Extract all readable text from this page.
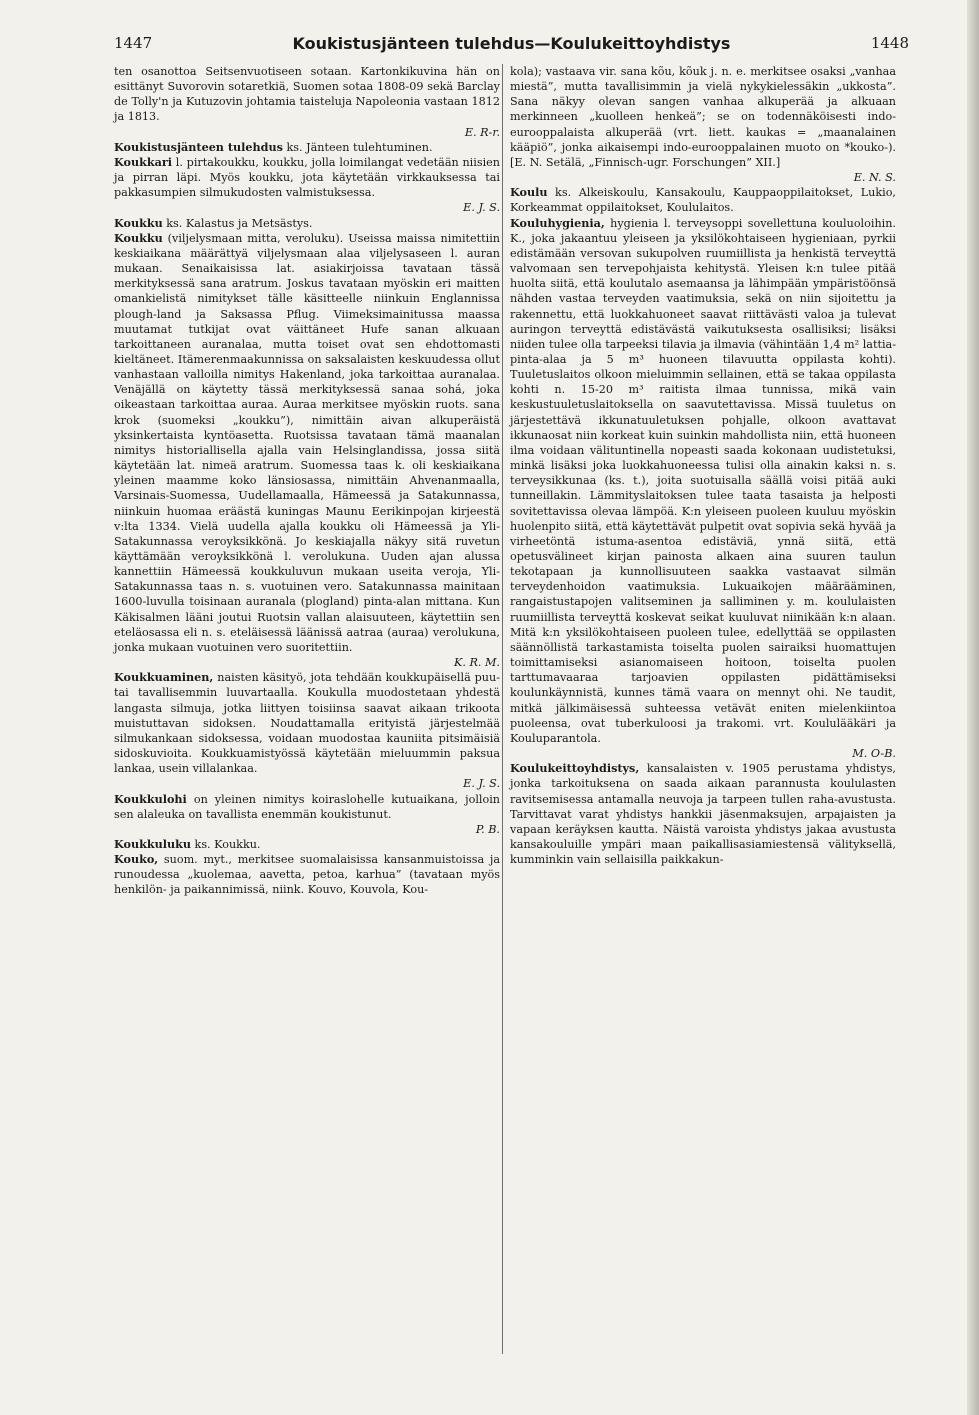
1447	Koukistusjänteen tulehdus—Koulukeittoyhdistys	1448

ten osanottoa Seitsenvuotiseen sotaan. Kartonkikuvina hän on esittänyt Suvorovin sotaretkiä, Suomen sotaa 1808-09 sekä Barclay de Tolly'n ja Kutuzovin johtamia taisteluja Napoleonia vastaan 1812 ja 1813.

E. R-r.

Koukistusjänteen tulehdus ks. Jänteen tulehtuminen.

Koukkari l. pirtakoukku, koukku, jolla loimilangat vedetään niisien ja pirran läpi. Myös koukku, jota käytetään virkkauksessa tai pakkasumpien silmukudosten valmistuksessa.

E. J. S.

Koukku ks. Kalastus ja Metsästys.

Koukku (viljelysmaan mitta, veroluku). Useissa maissa nimitettiin keskiaikana määrättyä viljelysmaan alaa viljelysaseen l. auran mukaan. Senaikaisissa lat. asiakirjoissa tavataan tässä merkityksessä sana aratrum. Joskus tavataan myöskin eri maitten omankielistä nimitykset tälle käsitteelle niinkuin Englannissa plough-land ja Saksassa Pflug. Viimeksimainitussa maassa muutamat tutkijat ovat väittäneet Hufe sanan alkuaan tarkoittaneen auranalaa, mutta toiset ovat sen ehdottomasti kieltäneet. Itämerenmaakunnissa on saksalaisten keskuudessa ollut vanhastaan valloilla nimitys Hakenland, joka tarkoittaa auranalaa. Venäjällä on käytetty tässä merkityksessä sanaa sohá, joka oikeastaan tarkoittaa auraa. Auraa merkitsee myöskin ruots. sana krok (suomeksi „koukku”), nimittäin aivan alkuperäistä yksinkertaista kyntöasetta. Ruotsissa tavataan tämä maanalan nimitys historiallisella ajalla vain Helsinglandissa, jossa siitä käytetään lat. nimeä aratrum. Suomessa taas k. oli keskiaikana yleinen maamme koko länsiosassa, nimittäin Ahvenanmaalla, Varsinais-Suomessa, Uudellamaalla, Hämeessä ja Satakunnassa, niinkuin huomaa eräästä kuningas Maunu Eerikinpojan kirjeestä v:lta 1334. Vielä uudella ajalla koukku oli Hämeessä ja Yli-Satakunnassa veroyksikkönä. Jo keskiajalla näkyy sitä ruvetun käyttämään veroyksikkönä l. verolukuna. Uuden ajan alussa kannettiin Hämeessä koukkuluvun mukaan useita veroja, Yli-Satakunnassa taas n. s. vuotuinen vero. Satakunnassa mainitaan 1600-luvulla toisinaan auranala (plogland) pinta-alan mittana. Kun Käkisalmen lääni joutui Ruotsin vallan alaisuuteen, käytettiin sen eteläosassa eli n. s. eteläisessä läänissä aatraa (auraa) verolukuna, jonka mukaan vuotuinen vero suoritettiin.

K. R. M.

Koukkuaminen, naisten käsityö, jota tehdään koukkupäisellä puu- tai tavallisemmin luuvartaalla. Koukulla muodostetaan yhdestä langasta silmuja, jotka liittyen toisiinsa saavat aikaan trikoota muistuttavan sidoksen. Noudattamalla erityistä järjestelmää silmukankaan sidoksessa, voidaan muodostaa kauniita pitsimäisiä sidoskuvioita. Koukkuamistyössä käytetään mieluummin paksua lankaa, usein villalankaa.

E. J. S.

Koukkulohi on yleinen nimitys koiraslohelle kutuaikana, jolloin sen alaleuka on tavallista enemmän koukistunut.

P. B.

Koukkuluku ks. Koukku.

Kouko, suom. myt., merkitsee suomalaisissa kansanmuistoissa ja runoudessa „kuolemaa, aavetta, petoa, karhua” (tavataan myös henkilön- ja paikannimissä, niink. Kouvo, Kouvola, Kou-

kola); vastaava vir. sana kõu, kõuk j. n. e. merkitsee osaksi „vanhaa miestä”, mutta tavallisimmin ja vielä nykykielessäkin „ukkosta”. Sana näkyy olevan sangen vanhaa alkuperää ja alkuaan merkinneen „kuolleen henkeä”; se on todennäköisesti indo-eurooppalaista alkuperää (vrt. liett. kaukas = „maanalainen kääpiö”, jonka aikaisempi indo-eurooppalainen muoto on *kouko-). [E. N. Setälä, „Finnisch-ugr. Forschungen” XII.]

E. N. S.

Koulu ks. Alkeiskoulu, Kansakoulu, Kauppaoppilaitokset, Lukio, Korkeammat oppilaitokset, Koululaitos.

Kouluhygienia, hygienia l. terveysoppi sovellettuna kouluoloihin. K., joka jakaantuu yleiseen ja yksilökohtaiseen hygieniaan, pyrkii edistämään versovan sukupolven ruumiillista ja henkistä terveyttä valvomaan sen tervepohjaista kehitystä. Yleisen k:n tulee pitää huolta siitä, että koulutalo asemaansa ja lähimpään ympäristöönsä nähden vastaa terveyden vaatimuksia, sekä on niin sijoitettu ja rakennettu, että luokkahuoneet saavat riittävästi valoa ja tulevat auringon terveyttä edistävästä vaikutuksesta osallisiksi; lisäksi niiden tulee olla tarpeeksi tilavia ja ilmavia (vähintään 1,4 m² lattia-pinta-alaa ja 5 m³ huoneen tilavuutta oppilasta kohti). Tuuletuslaitos olkoon mieluimmin sellainen, että se takaa oppilasta kohti n. 15-20 m³ raitista ilmaa tunnissa, mikä vain keskustuuletuslaitoksella on saavutettavissa. Missä tuuletus on järjestettävä ikkunatuuletuksen pohjalle, olkoon avattavat ikkunaosat niin korkeat kuin suinkin mahdollista niin, että huoneen ilma voidaan välituntinella nopeasti saada kokonaan uudistetuksi, minkä lisäksi joka luokkahuoneessa tulisi olla ainakin kaksi n. s. terveysikkunaa (ks. t.), joita suotuisalla säällä voisi pitää auki tunneillakin. Lämmityslaitoksen tulee taata tasaista ja helposti sovitettavissa olevaa lämpöä. K:n yleiseen puoleen kuuluu myöskin huolenpito siitä, että käytettävät pulpetit ovat sopivia sekä hyvää ja virheetöntä istuma-asentoa edistäviä, ynnä siitä, että opetusvälineet kirjan painosta alkaen aina suuren taulun tekotapaan ja kunnollisuuteen saakka vastaavat silmän terveydenhoidon vaatimuksia. Lukuaikojen määrääminen, rangaistustapojen valitseminen ja salliminen y. m. koululaisten ruumiillista terveyttä koskevat seikat kuuluvat niinikään k:n alaan. Mitä k:n yksilökohtaiseen puoleen tulee, edellyttää se oppilasten säännöllistä tarkastamista toiselta puolen sairaiksi huomattujen toimittamiseksi asianomaiseen hoitoon, toiselta puolen tarttumavaaraa tarjoavien oppilasten pidättämiseksi koulunkäynnistä, kunnes tämä vaara on mennyt ohi. Ne taudit, mitkä jälkimäisessä suhteessa vetävät eniten mielenkiintoa puoleensa, ovat tuberkuloosi ja trakomi. vrt. Koululääkäri ja Kouluparantola.

M. O-B.

Koulukeittoyhdistys, kansalaisten v. 1905 perustama yhdistys, jonka tarkoituksena on saada aikaan parannusta koululasten ravitsemisessa antamalla neuvoja ja tarpeen tullen raha-avustusta. Tarvittavat varat yhdistys hankkii jäsenmaksujen, arpajaisten ja vapaan keräyksen kautta. Näistä varoista yhdistys jakaa avustusta kansakouluille ympäri maan paikallisasiamiestensä välityksellä, kumminkin vain sellaisilla paikkakun-
